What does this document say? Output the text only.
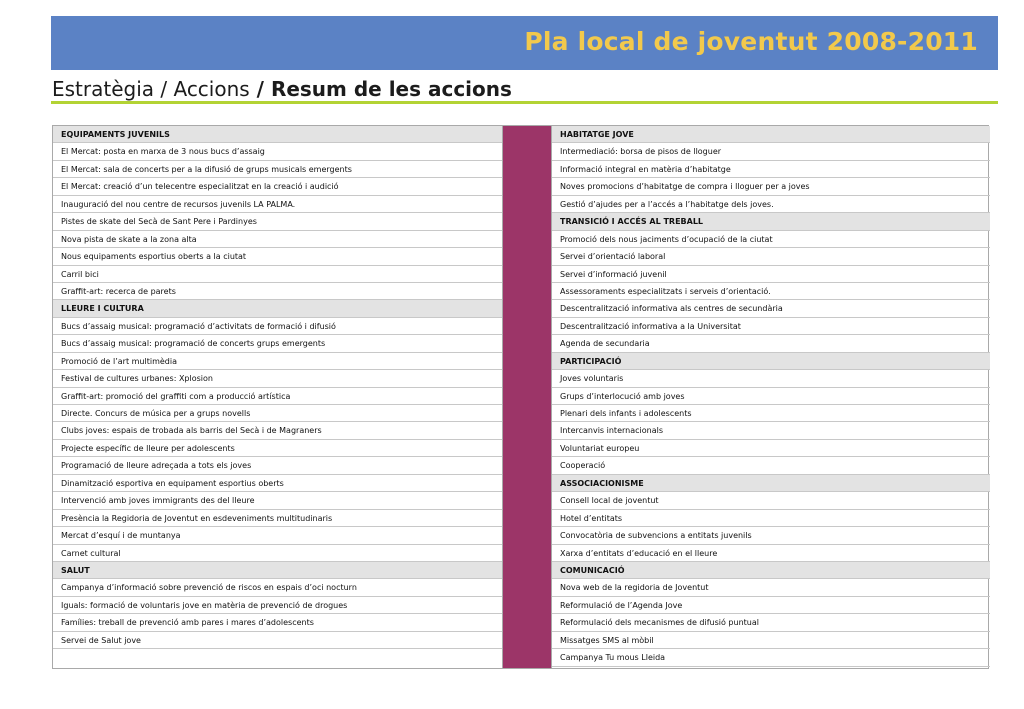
Pla local de joventut 2008-2011
Estratègia / Accions / Resum de les accions
EQUIPAMENTS JUVENILS
El Mercat: posta en marxa de 3 nous bucs d’assaig
El Mercat: sala de concerts per a la difusió de grups musicals emergents
El Mercat: creació d’un telecentre especialitzat en la creació i audició
Inauguració del nou centre de recursos juvenils LA PALMA.
Pistes de skate del Secà de Sant Pere i Pardinyes
Nova pista de skate a la zona alta
Nous equipaments esportius oberts a la ciutat
Carril bici
Graffit-art: recerca de parets
LLEURE I CULTURA
Bucs d’assaig musical: programació d’activitats de formació i difusió
Bucs d’assaig musical: programació de concerts grups emergents
Promoció de l’art multimèdia
Festival de cultures urbanes: Xplosion
Graffit-art: promoció del graffiti com a producció artística
Directe. Concurs de música per a grups novells
Clubs joves: espais de trobada als barris del Secà i de Magraners
Projecte específic de lleure per adolescents
Programació de lleure adreçada a tots els joves
Dinamització esportiva en equipament esportius oberts
Intervenció amb joves immigrants des del lleure
Presència la Regidoria de Joventut en esdeveniments multitudinaris
Mercat d’esquí i de muntanya
Carnet cultural
SALUT
Campanya d’informació sobre prevenció de riscos en espais d’oci nocturn
Iguals: formació de voluntaris jove en matèria de prevenció de drogues
Famílies: treball de prevenció amb pares i mares d’adolescents
Servei de Salut jove
HABITATGE JOVE
Intermediació: borsa de pisos de lloguer
Informació integral en matèria d’habitatge
Noves promocions d’habitatge de compra i lloguer per a joves
Gestió d’ajudes per a l’accés a l’habitatge dels joves.
TRANSICIÓ I ACCÉS AL TREBALL
Promoció dels nous jaciments d’ocupació de la ciutat
Servei d’orientació laboral
Servei d’informació juvenil
Assessoraments especialitzats i serveis d’orientació.
Descentralització informativa als centres de secundària
Descentralització informativa a la Universitat
Agenda de secundaria
PARTICIPACIÓ
Joves voluntaris
Grups d’interlocució amb joves
Plenari dels infants i adolescents
Intercanvis internacionals
Voluntariat europeu
Cooperació
ASSOCIACIONISME
Consell local de joventut
Hotel d’entitats
Convocatòria de subvencions a entitats juvenils
Xarxa d’entitats d’educació en el lleure
COMUNICACIÓ
Nova web de la regidoria de Joventut
Reformulació de l’Agenda Jove
Reformulació dels mecanismes de difusió puntual
Missatges SMS al mòbil
Campanya Tu mous Lleida
